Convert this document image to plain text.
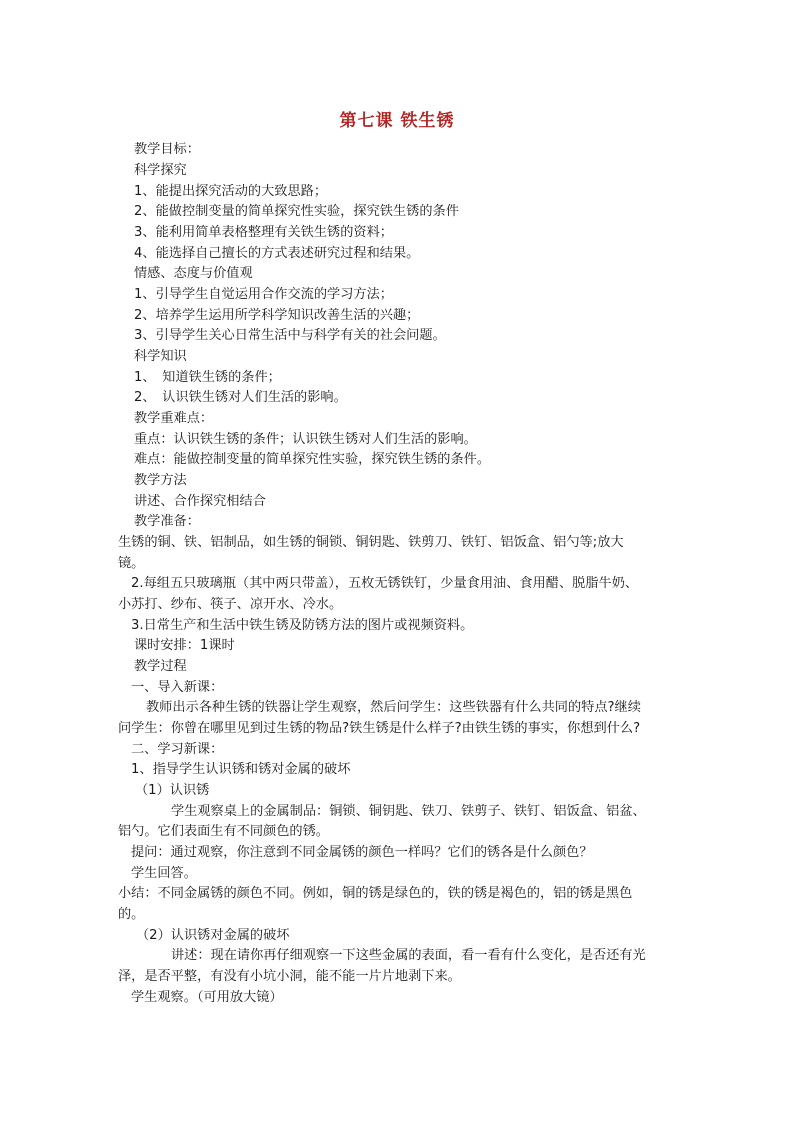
第七课 铁生锈
教学目标：
科学探究
1、能提出探究活动的大致思路；
2、能做控制变量的简单探究性实验，探究铁生锈的条件
3、能利用简单表格整理有关铁生锈的资料；
4、能选择自己擅长的方式表述研究过程和结果。
情感、态度与价值观
1、引导学生自觉运用合作交流的学习方法；
2、培养学生运用所学科学知识改善生活的兴趣；
3、引导学生关心日常生活中与科学有关的社会问题。
科学知识
1、　知道铁生锈的条件；
2、　认识铁生锈对人们生活的影响。
教学重难点：
重点：认识铁生锈的条件；认识铁生锈对人们生活的影响。
难点：能做控制变量的简单探究性实验，探究铁生锈的条件。
教学方法
讲述、合作探究相结合
教学准备：
生锈的铜、铁、铝制品，如生锈的铜锁、铜钥匙、铁剪刀、铁钉、铝饭盒、铝勺等;放大
镜。
2.每组五只玻璃瓶（其中两只带盖），五枚无锈铁钉，少量食用油、食用醋、脱脂牛奶、
小苏打、纱布、筷子、凉开水、冷水。
3.日常生产和生活中铁生锈及防锈方法的图片或视频资料。
课时安排：1课时
教学过程
一、导入新课：
教师出示各种生锈的铁器让学生观察，然后问学生：这些铁器有什么共同的特点?继续
问学生：你曾在哪里见到过生锈的物品?铁生锈是什么样子?由铁生锈的事实，你想到什么?
二、学习新课：
1、指导学生认识锈和锈对金属的破坏
（1）认识锈
学生观察桌上的金属制品：铜锁、铜钥匙、铁刀、铁剪子、铁钉、铝饭盒、铝盆、
铝勺。它们表面生有不同颜色的锈。
提问：通过观察，你注意到不同金属锈的颜色一样吗？它们的锈各是什么颜色？
学生回答。
小结：不同金属锈的颜色不同。例如，铜的锈是绿色的，铁的锈是褐色的，铝的锈是黑色
的。
（2）认识锈对金属的破坏
讲述：现在请你再仔细观察一下这些金属的表面，看一看有什么变化，是否还有光
泽，是否平整，有没有小坑小洞，能不能一片片地剥下来。
学生观察。（可用放大镜）
